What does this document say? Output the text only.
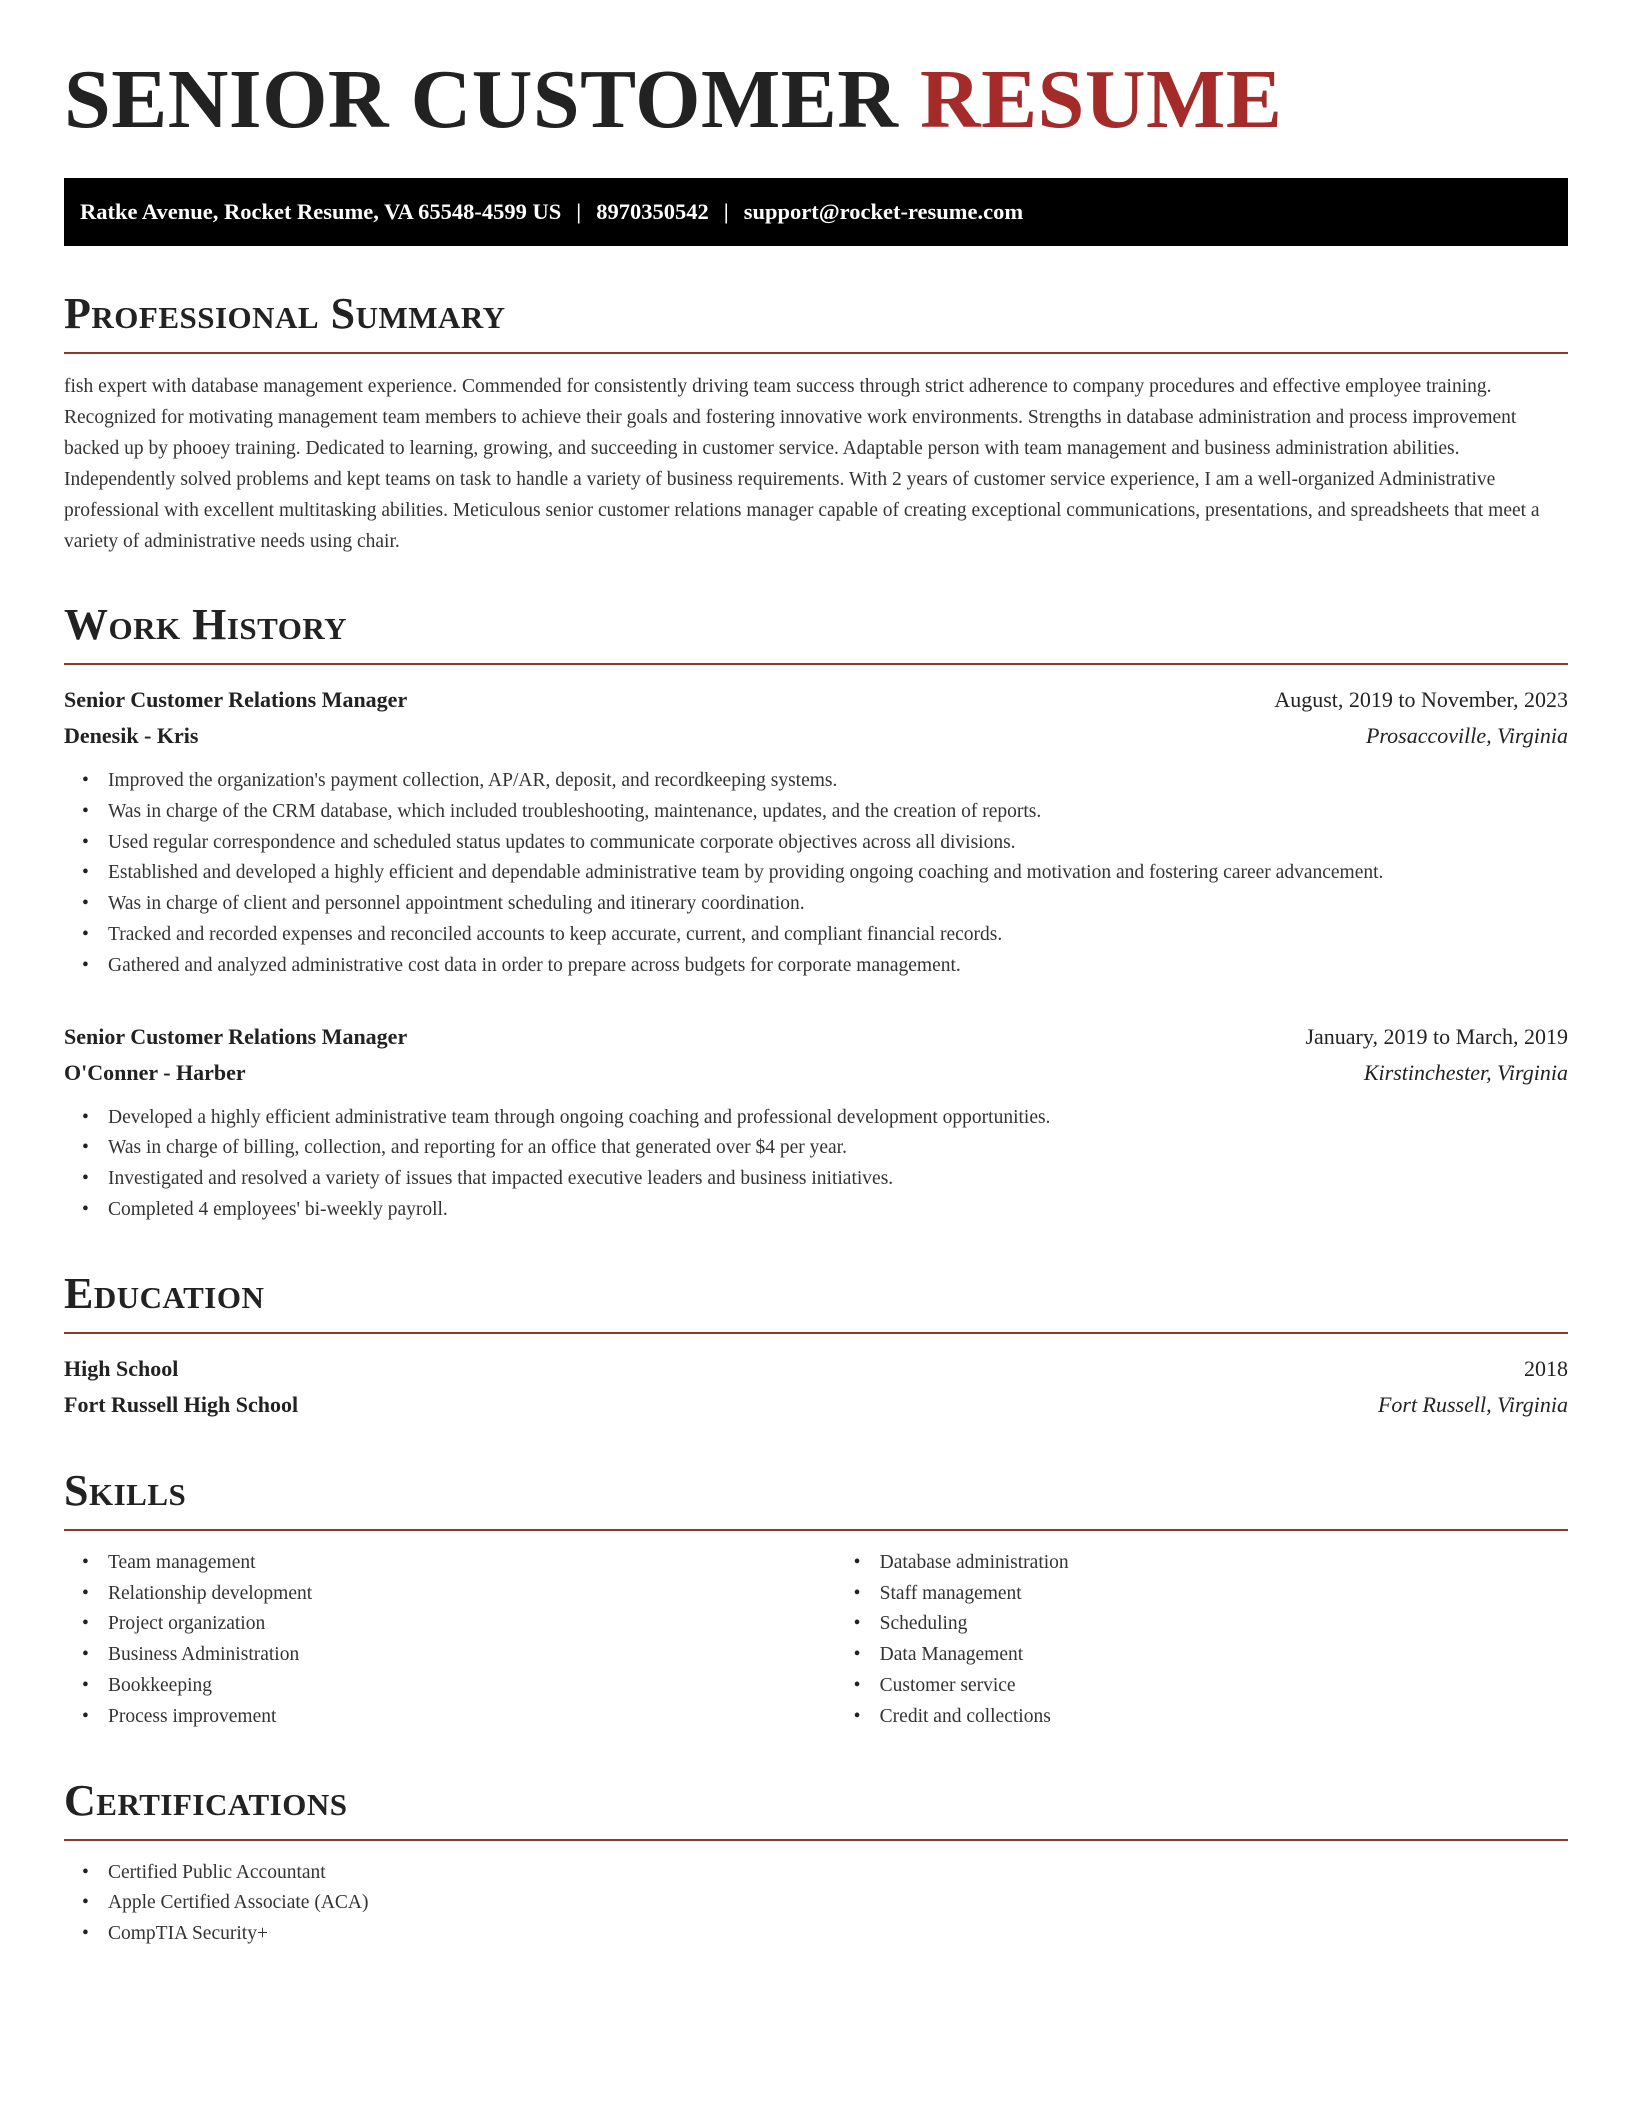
SENIOR CUSTOMER RESUME
Ratke Avenue, Rocket Resume, VA 65548-4599 US | 8970350542 | support@rocket-resume.com
Professional Summary

fish expert with database management experience. Commended for consistently driving team success through strict adherence to company procedures and effective employee training. Recognized for motivating management team members to achieve their goals and fostering innovative work environments. Strengths in database administration and process improvement backed up by phooey training. Dedicated to learning, growing, and succeeding in customer service. Adaptable person with team management and business administration abilities. Independently solved problems and kept teams on task to handle a variety of business requirements. With 2 years of customer service experience, I am a well-organized Administrative professional with excellent multitasking abilities. Meticulous senior customer relations manager capable of creating exceptional communications, presentations, and spreadsheets that meet a variety of administrative needs using chair.

Work History
Senior Customer Relations Manager	August, 2019 to November, 2023
Denesik - Kris	Prosaccoville, Virginia
• Improved the organization's payment collection, AP/AR, deposit, and recordkeeping systems.
• Was in charge of the CRM database, which included troubleshooting, maintenance, updates, and the creation of reports.
• Used regular correspondence and scheduled status updates to communicate corporate objectives across all divisions.
• Established and developed a highly efficient and dependable administrative team by providing ongoing coaching and motivation and fostering career advancement.
• Was in charge of client and personnel appointment scheduling and itinerary coordination.
• Tracked and recorded expenses and reconciled accounts to keep accurate, current, and compliant financial records.
• Gathered and analyzed administrative cost data in order to prepare across budgets for corporate management.
Senior Customer Relations Manager	January, 2019 to March, 2019
O'Conner - Harber	Kirstinchester, Virginia
• Developed a highly efficient administrative team through ongoing coaching and professional development opportunities.
• Was in charge of billing, collection, and reporting for an office that generated over $4 per year.
• Investigated and resolved a variety of issues that impacted executive leaders and business initiatives.
• Completed 4 employees' bi-weekly payroll.
Education
High School	2018
Fort Russell High School	Fort Russell, Virginia
Skills
• Team management
• Relationship development
• Project organization
• Business Administration
• Bookkeeping
• Process improvement
• Database administration
• Staff management
• Scheduling
• Data Management
• Customer service
• Credit and collections
Certifications
• Certified Public Accountant
• Apple Certified Associate (ACA)
• CompTIA Security+
